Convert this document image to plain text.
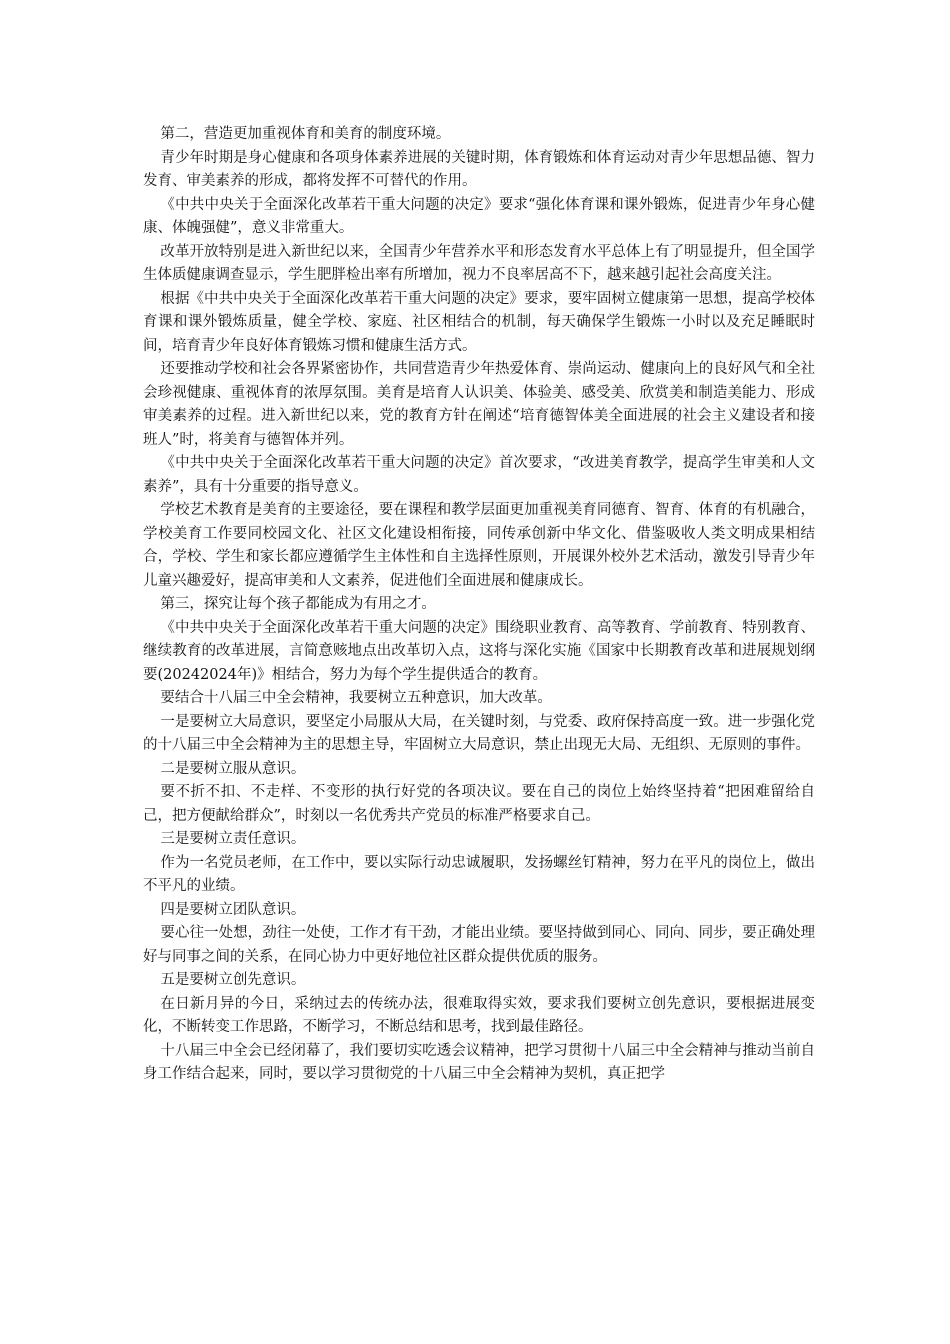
第二，营造更加重视体育和美育的制度环境。

青少年时期是身心健康和各项身体素养进展的关键时期，体育锻炼和体育运动对青少年思想品德、智力发育、审美素养的形成，都将发挥不可替代的作用。

《中共中央关于全面深化改革若干重大问题的决定》要求“强化体育课和课外锻炼，促进青少年身心健康、体魄强健”，意义非常重大。

改革开放特别是进入新世纪以来，全国青少年营养水平和形态发育水平总体上有了明显提升，但全国学生体质健康调查显示，学生肥胖检出率有所增加，视力不良率居高不下，越来越引起社会高度关注。

根据《中共中央关于全面深化改革若干重大问题的决定》要求，要牢固树立健康第一思想，提高学校体育课和课外锻炼质量，健全学校、家庭、社区相结合的机制，每天确保学生锻炼一小时以及充足睡眠时间，培育青少年良好体育锻炼习惯和健康生活方式。

还要推动学校和社会各界紧密协作，共同营造青少年热爱体育、崇尚运动、健康向上的良好风气和全社会珍视健康、重视体育的浓厚氛围。美育是培育人认识美、体验美、感受美、欣赏美和制造美能力、形成审美素养的过程。进入新世纪以来，党的教育方针在阐述“培育德智体美全面进展的社会主义建设者和接班人”时，将美育与德智体并列。

《中共中央关于全面深化改革若干重大问题的决定》首次要求，“改进美育教学，提高学生审美和人文素养”，具有十分重要的指导意义。

学校艺术教育是美育的主要途径，要在课程和教学层面更加重视美育同德育、智育、体育的有机融合，学校美育工作要同校园文化、社区文化建设相衔接，同传承创新中华文化、借鉴吸收人类文明成果相结合，学校、学生和家长都应遵循学生主体性和自主选择性原则，开展课外校外艺术活动，激发引导青少年儿童兴趣爱好，提高审美和人文素养，促进他们全面进展和健康成长。

第三，探究让每个孩子都能成为有用之才。

《中共中央关于全面深化改革若干重大问题的决定》围绕职业教育、高等教育、学前教育、特别教育、继续教育的改革进展，言简意赅地点出改革切入点，这将与深化实施《国家中长期教育改革和进展规划纲要(20242024年)》相结合，努力为每个学生提供适合的教育。

要结合十八届三中全会精神，我要树立五种意识，加大改革。

一是要树立大局意识，要坚定小局服从大局，在关键时刻，与党委、政府保持高度一致。进一步强化党的十八届三中全会精神为主的思想主导，牢固树立大局意识，禁止出现无大局、无组织、无原则的事件。

二是要树立服从意识。

要不折不扣、不走样、不变形的执行好党的各项决议。要在自己的岗位上始终坚持着“把困难留给自己，把方便献给群众”，时刻以一名优秀共产党员的标准严格要求自己。

三是要树立责任意识。

作为一名党员老师，在工作中，要以实际行动忠诚履职，发扬螺丝钉精神，努力在平凡的岗位上，做出不平凡的业绩。

四是要树立团队意识。

要心往一处想，劲往一处使，工作才有干劲，才能出业绩。要坚持做到同心、同向、同步，要正确处理好与同事之间的关系，在同心协力中更好地位社区群众提供优质的服务。

五是要树立创先意识。

在日新月异的今日，采纳过去的传统办法，很难取得实效，要求我们要树立创先意识，要根据进展变化，不断转变工作思路，不断学习，不断总结和思考，找到最佳路径。

十八届三中全会已经闭幕了，我们要切实吃透会议精神，把学习贯彻十八届三中全会精神与推动当前自身工作结合起来，同时，要以学习贯彻党的十八届三中全会精神为契机，真正把学
